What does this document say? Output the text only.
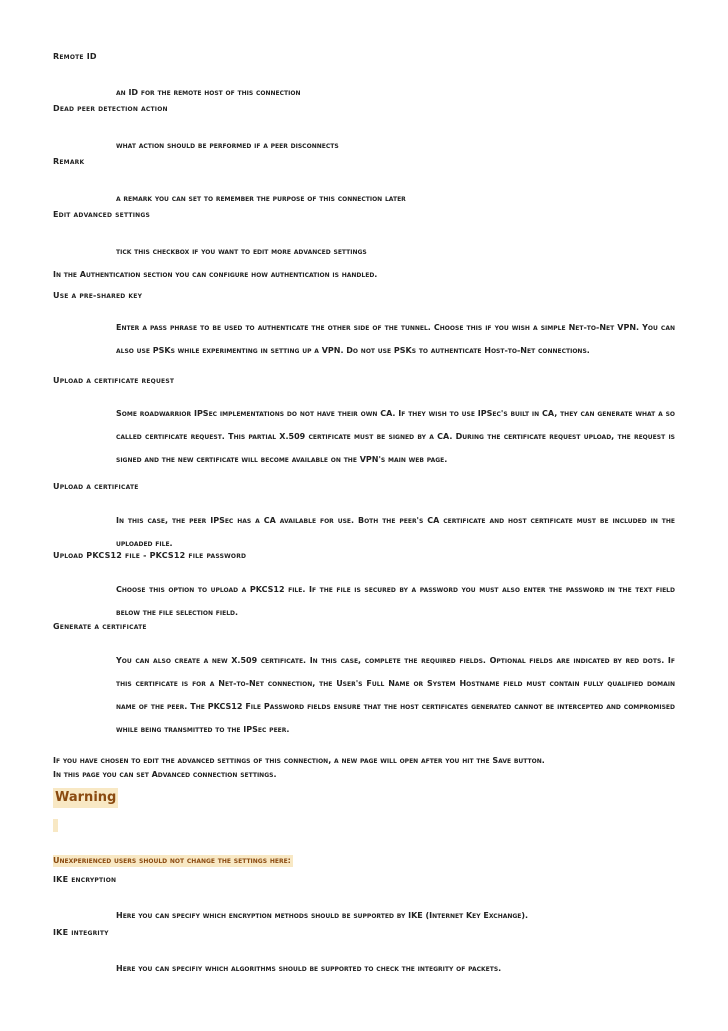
Remote ID
an ID for the remote host of this connection
Dead peer detection action
what action should be performed if a peer disconnects
Remark
a remark you can set to remember the purpose of this connection later
Edit advanced settings
tick this checkbox if you want to edit more advanced settings
In the Authentication section you can configure how authentication is handled.
Use a pre-shared key
Enter a pass phrase to be used to authenticate the other side of the tunnel. Choose this if you wish a simple Net-to-Net VPN. You can also use PSKs while experimenting in setting up a VPN. Do not use PSKs to authenticate Host-to-Net connections.
Upload a certificate request
Some roadwarrior IPSec implementations do not have their own CA. If they wish to use IPSec's built in CA, they can generate what a so called certificate request. This partial X.509 certificate must be signed by a CA. During the certificate request upload, the request is signed and the new certificate will become available on the VPN's main web page.
Upload a certificate
In this case, the peer IPSec has a CA available for use. Both the peer's CA certificate and host certificate must be included in the uploaded file.
Upload PKCS12 file - PKCS12 file password
Choose this option to upload a PKCS12 file. If the file is secured by a password you must also enter the password in the text field below the file selection field.
Generate a certificate
You can also create a new X.509 certificate. In this case, complete the required fields. Optional fields are indicated by red dots. If this certificate is for a Net-to-Net connection, the User's Full Name or System Hostname field must contain fully qualified domain name of the peer. The PKCS12 File Password fields ensure that the host certificates generated cannot be intercepted and compromised while being transmitted to the IPSec peer.
If you have chosen to edit the advanced settings of this connection, a new page will open after you hit the Save button.
In this page you can set Advanced connection settings.
Warning
Unexperienced users should not change the settings here:
IKE encryption
Here you can specify which encryption methods should be supported by IKE (Internet Key Exchange).
IKE integrity
Here you can specifiy which algorithms should be supported to check the integrity of packets.
